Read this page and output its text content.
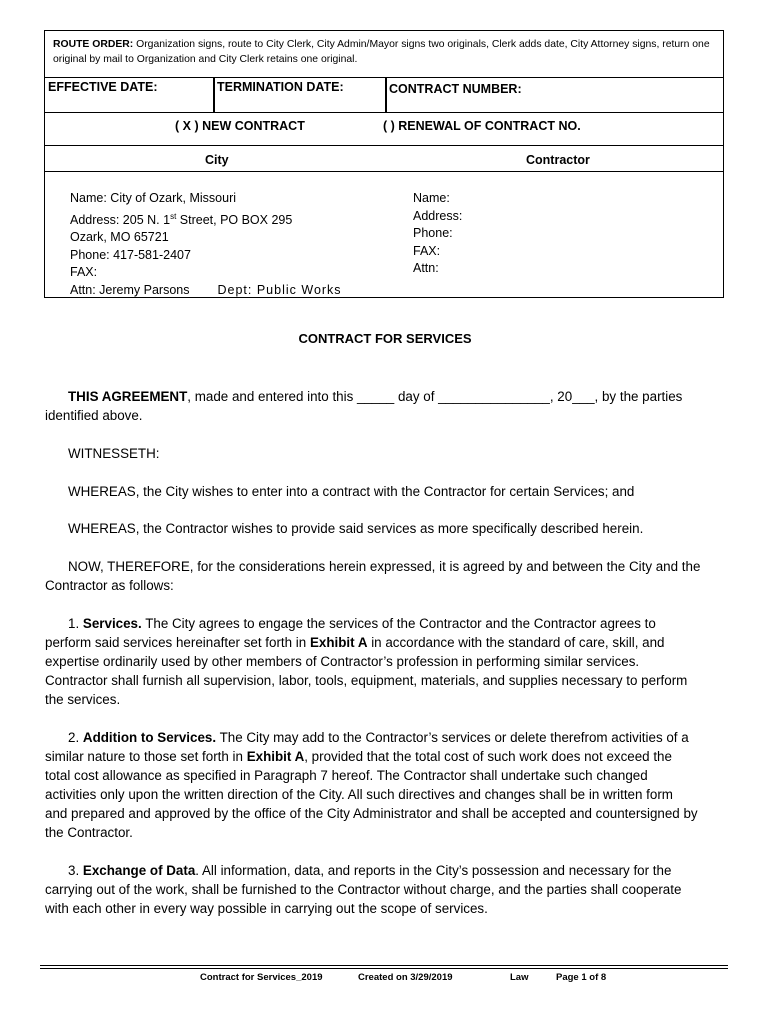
ROUTE ORDER: Organization signs, route to City Clerk, City Admin/Mayor signs two originals, Clerk adds date, City Attorney signs, return one
original by mail to Organization and City Clerk retains one original.
EFFECTIVE DATE:	TERMINATION DATE:	CONTRACT NUMBER:
( X ) NEW CONTRACT	( ) RENEWAL OF CONTRACT NO.
City	Contractor
Name: City of Ozark, Missouri
Address: 205 N. 1st Street, PO BOX 295
Ozark, MO 65721
Phone: 417-581-2407
FAX:
Attn: Jeremy Parsons Dept: Public Works
Name:
Address:
Phone:
FAX:
Attn:
CONTRACT FOR SERVICES
THIS AGREEMENT, made and entered into this _____ day of _______________, 20___, by the parties
identified above.
WITNESSETH:
WHEREAS, the City wishes to enter into a contract with the Contractor for certain Services; and
WHEREAS, the Contractor wishes to provide said services as more specifically described herein.
NOW, THEREFORE, for the considerations herein expressed, it is agreed by and between the City and the
Contractor as follows:
1. Services. The City agrees to engage the services of the Contractor and the Contractor agrees to
perform said services hereinafter set forth in Exhibit A in accordance with the standard of care, skill, and
expertise ordinarily used by other members of Contractor’s profession in performing similar services.
Contractor shall furnish all supervision, labor, tools, equipment, materials, and supplies necessary to perform
the services.
2. Addition to Services. The City may add to the Contractor’s services or delete therefrom activities of a
similar nature to those set forth in Exhibit A, provided that the total cost of such work does not exceed the
total cost allowance as specified in Paragraph 7 hereof. The Contractor shall undertake such changed
activities only upon the written direction of the City. All such directives and changes shall be in written form
and prepared and approved by the office of the City Administrator and shall be accepted and countersigned by
the Contractor.
3. Exchange of Data. All information, data, and reports in the City’s possession and necessary for the
carrying out of the work, shall be furnished to the Contractor without charge, and the parties shall cooperate
with each other in every way possible in carrying out the scope of services.
Contract for Services_2019	Created on 3/29/2019	Law	Page 1 of 8
